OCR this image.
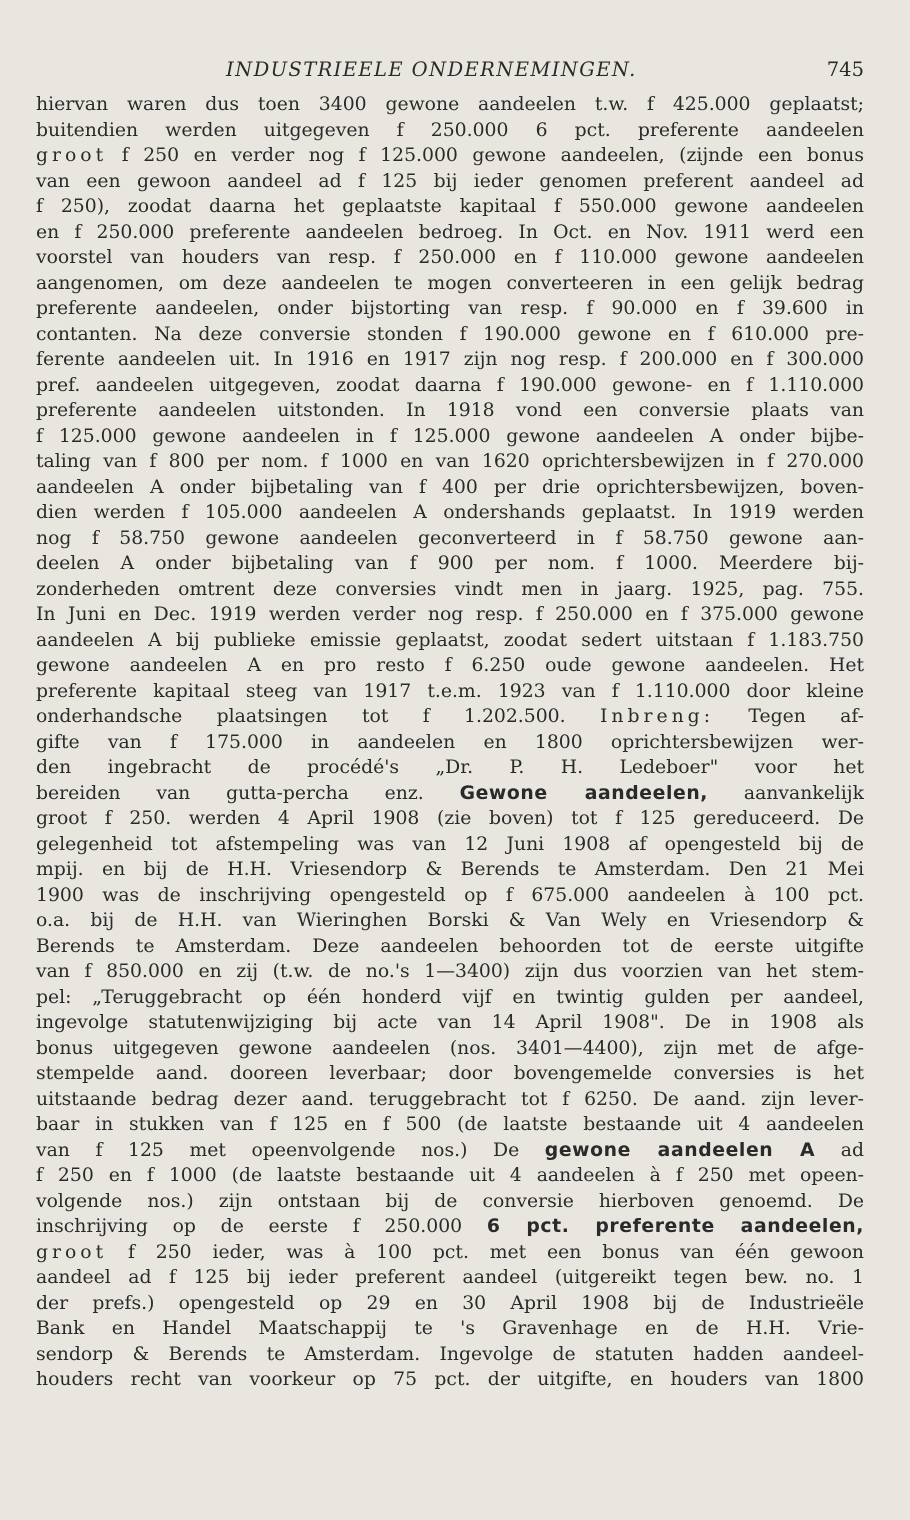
INDUSTRIEELE ONDERNEMINGEN.	745
hiervan waren dus toen 3400 gewone aandeelen t.w. f 425.000 geplaatst;
buitendien werden uitgegeven f 250.000 6 pct. preferente aandeelen
groot f 250 en verder nog f 125.000 gewone aandeelen, (zijnde een bonus
van een gewoon aandeel ad f 125 bij ieder genomen preferent aandeel ad
f 250), zoodat daarna het geplaatste kapitaal f 550.000 gewone aandeelen
en f 250.000 preferente aandeelen bedroeg. In Oct. en Nov. 1911 werd een
voorstel van houders van resp. f 250.000 en f 110.000 gewone aandeelen
aangenomen, om deze aandeelen te mogen converteeren in een gelijk bedrag
preferente aandeelen, onder bijstorting van resp. f 90.000 en f 39.600 in
contanten. Na deze conversie stonden f 190.000 gewone en f 610.000 pre-
ferente aandeelen uit. In 1916 en 1917 zijn nog resp. f 200.000 en f 300.000
pref. aandeelen uitgegeven, zoodat daarna f 190.000 gewone- en f 1.110.000
preferente aandeelen uitstonden. In 1918 vond een conversie plaats van
f 125.000 gewone aandeelen in f 125.000 gewone aandeelen A onder bijbe-
taling van f 800 per nom. f 1000 en van 1620 oprichtersbewijzen in f 270.000
aandeelen A onder bijbetaling van f 400 per drie oprichtersbewijzen, boven-
dien werden f 105.000 aandeelen A ondershands geplaatst. In 1919 werden
nog f 58.750 gewone aandeelen geconverteerd in f 58.750 gewone aan-
deelen A onder bijbetaling van f 900 per nom. f 1000. Meerdere bij-
zonderheden omtrent deze conversies vindt men in jaarg. 1925, pag. 755.
In Juni en Dec. 1919 werden verder nog resp. f 250.000 en f 375.000 gewone
aandeelen A bij publieke emissie geplaatst, zoodat sedert uitstaan f 1.183.750
gewone aandeelen A en pro resto f 6.250 oude gewone aandeelen. Het
preferente kapitaal steeg van 1917 t.e.m. 1923 van f 1.110.000 door kleine
onderhandsche plaatsingen tot f 1.202.500. Inbreng: Tegen af-
gifte van f 175.000 in aandeelen en 1800 oprichtersbewijzen wer-
den ingebracht de procédé's „Dr. P. H. Ledeboer" voor het
bereiden van gutta-percha enz. Gewone aandeelen, aanvankelijk
groot f 250. werden 4 April 1908 (zie boven) tot f 125 gereduceerd. De
gelegenheid tot afstempeling was van 12 Juni 1908 af opengesteld bij de
mpij. en bij de H.H. Vriesendorp & Berends te Amsterdam. Den 21 Mei
1900 was de inschrijving opengesteld op f 675.000 aandeelen à 100 pct.
o.a. bij de H.H. van Wieringhen Borski & Van Wely en Vriesendorp &
Berends te Amsterdam. Deze aandeelen behoorden tot de eerste uitgifte
van f 850.000 en zij (t.w. de no.'s 1—3400) zijn dus voorzien van het stem-
pel: „Teruggebracht op één honderd vijf en twintig gulden per aandeel,
ingevolge statutenwijziging bij acte van 14 April 1908". De in 1908 als
bonus uitgegeven gewone aandeelen (nos. 3401—4400), zijn met de afge-
stempelde aand. dooreen leverbaar; door bovengemelde conversies is het
uitstaande bedrag dezer aand. teruggebracht tot f 6250. De aand. zijn lever-
baar in stukken van f 125 en f 500 (de laatste bestaande uit 4 aandeelen
van f 125 met opeenvolgende nos.) De gewone aandeelen A ad
f 250 en f 1000 (de laatste bestaande uit 4 aandeelen à f 250 met opeen-
volgende nos.) zijn ontstaan bij de conversie hierboven genoemd. De
inschrijving op de eerste f 250.000 6 pct. preferente aandeelen,
groot f 250 ieder, was à 100 pct. met een bonus van één gewoon
aandeel ad f 125 bij ieder preferent aandeel (uitgereikt tegen bew. no. 1
der prefs.) opengesteld op 29 en 30 April 1908 bij de Industrieële
Bank en Handel Maatschappij te 's Gravenhage en de H.H. Vrie-
sendorp & Berends te Amsterdam. Ingevolge de statuten hadden aandeel-
houders recht van voorkeur op 75 pct. der uitgifte, en houders van 1800
